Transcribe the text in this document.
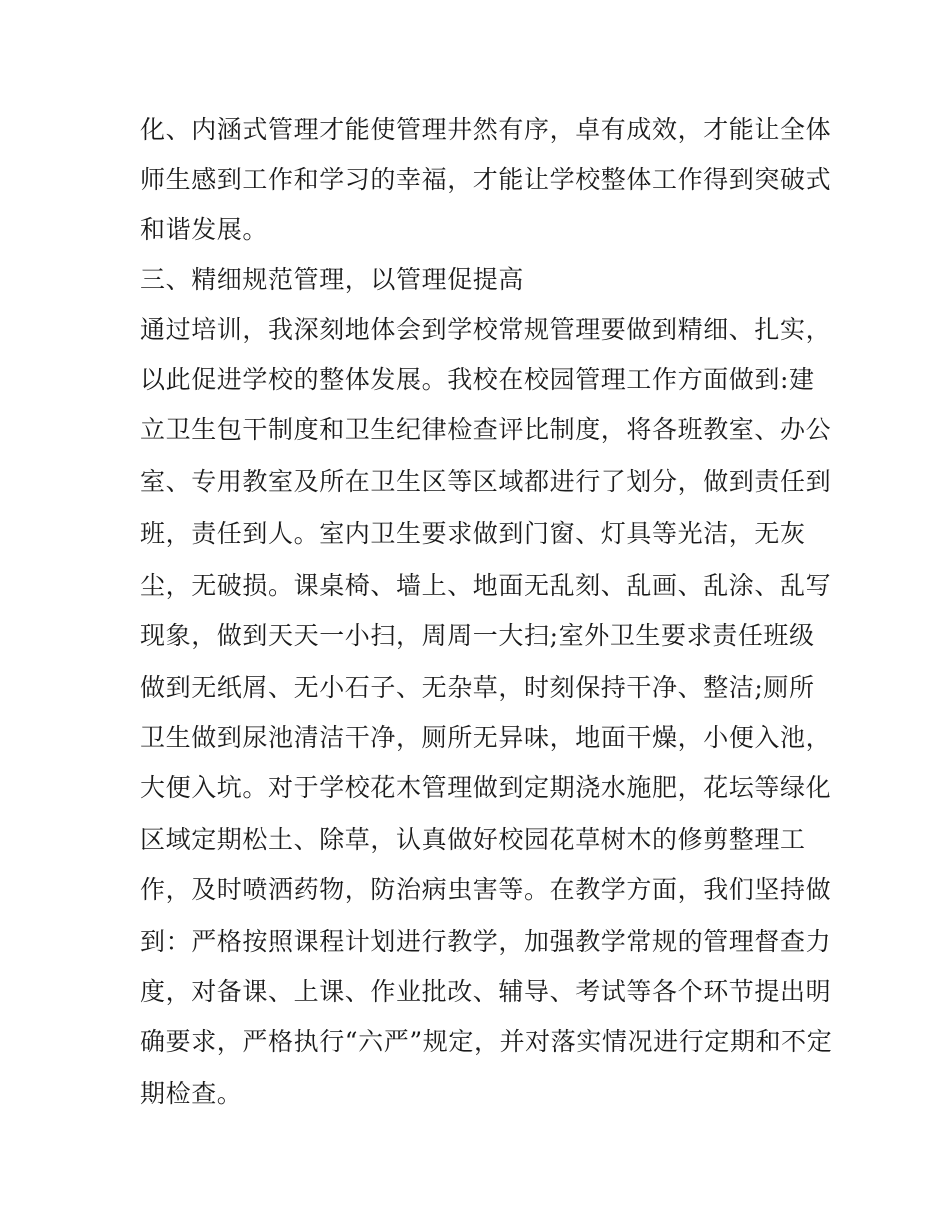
化、内涵式管理才能使管理井然有序，卓有成效，才能让全体
师生感到工作和学习的幸福，才能让学校整体工作得到突破式
和谐发展。
三、精细规范管理，以管理促提高
通过培训，我深刻地体会到学校常规管理要做到精细、扎实，
以此促进学校的整体发展。我校在校园管理工作方面做到:建
立卫生包干制度和卫生纪律检查评比制度，将各班教室、办公
室、专用教室及所在卫生区等区域都进行了划分，做到责任到
班，责任到人。室内卫生要求做到门窗、灯具等光洁，无灰
尘，无破损。课桌椅、墙上、地面无乱刻、乱画、乱涂、乱写
现象，做到天天一小扫，周周一大扫;室外卫生要求责任班级
做到无纸屑、无小石子、无杂草，时刻保持干净、整洁;厕所
卫生做到尿池清洁干净，厕所无异味，地面干燥，小便入池，
大便入坑。对于学校花木管理做到定期浇水施肥，花坛等绿化
区域定期松土、除草，认真做好校园花草树木的修剪整理工
作，及时喷洒药物，防治病虫害等。在教学方面，我们坚持做
到：严格按照课程计划进行教学，加强教学常规的管理督查力
度，对备课、上课、作业批改、辅导、考试等各个环节提出明
确要求，严格执行“六严”规定，并对落实情况进行定期和不定
期检查。
